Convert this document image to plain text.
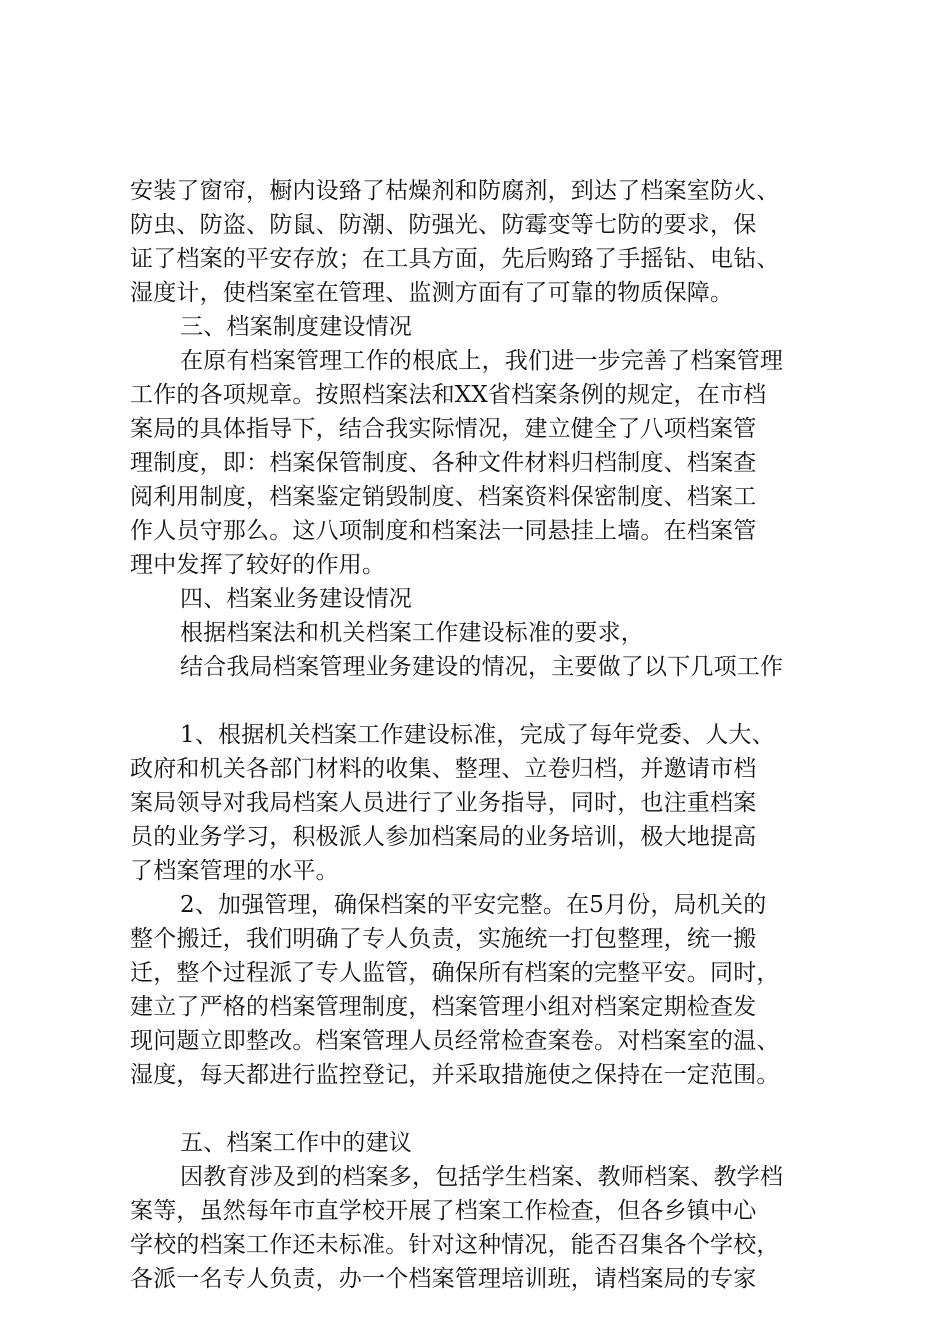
安装了窗帘，橱内设臵了枯燥剂和防腐剂，到达了档案室防火、
防虫、防盗、防鼠、防潮、防强光、防霉变等七防的要求，保
证了档案的平安存放；在工具方面，先后购臵了手摇钻、电钻、
湿度计，使档案室在管理、监测方面有了可靠的物质保障。
三、档案制度建设情况
在原有档案管理工作的根底上，我们进一步完善了档案管理
工作的各项规章。按照档案法和XX省档案条例的规定，在市档
案局的具体指导下，结合我实际情况，建立健全了八项档案管
理制度，即：档案保管制度、各种文件材料归档制度、档案查
阅利用制度，档案鉴定销毁制度、档案资料保密制度、档案工
作人员守那么。这八项制度和档案法一同悬挂上墙。在档案管
理中发挥了较好的作用。
四、档案业务建设情况
根据档案法和机关档案工作建设标准的要求，
结合我局档案管理业务建设的情况，主要做了以下几项工作
1、根据机关档案工作建设标准，完成了每年党委、人大、
政府和机关各部门材料的收集、整理、立卷归档，并邀请市档
案局领导对我局档案人员进行了业务指导，同时，也注重档案
员的业务学习，积极派人参加档案局的业务培训，极大地提高
了档案管理的水平。
2、加强管理，确保档案的平安完整。在5月份，局机关的
整个搬迁，我们明确了专人负责，实施统一打包整理，统一搬
迁，整个过程派了专人监管，确保所有档案的完整平安。同时，
建立了严格的档案管理制度，档案管理小组对档案定期检查发
现问题立即整改。档案管理人员经常检查案卷。对档案室的温、
湿度，每天都进行监控登记，并采取措施使之保持在一定范围。
五、档案工作中的建议
因教育涉及到的档案多，包括学生档案、教师档案、教学档
案等，虽然每年市直学校开展了档案工作检查，但各乡镇中心
学校的档案工作还未标准。针对这种情况，能否召集各个学校，
各派一名专人负责，办一个档案管理培训班，请档案局的专家
